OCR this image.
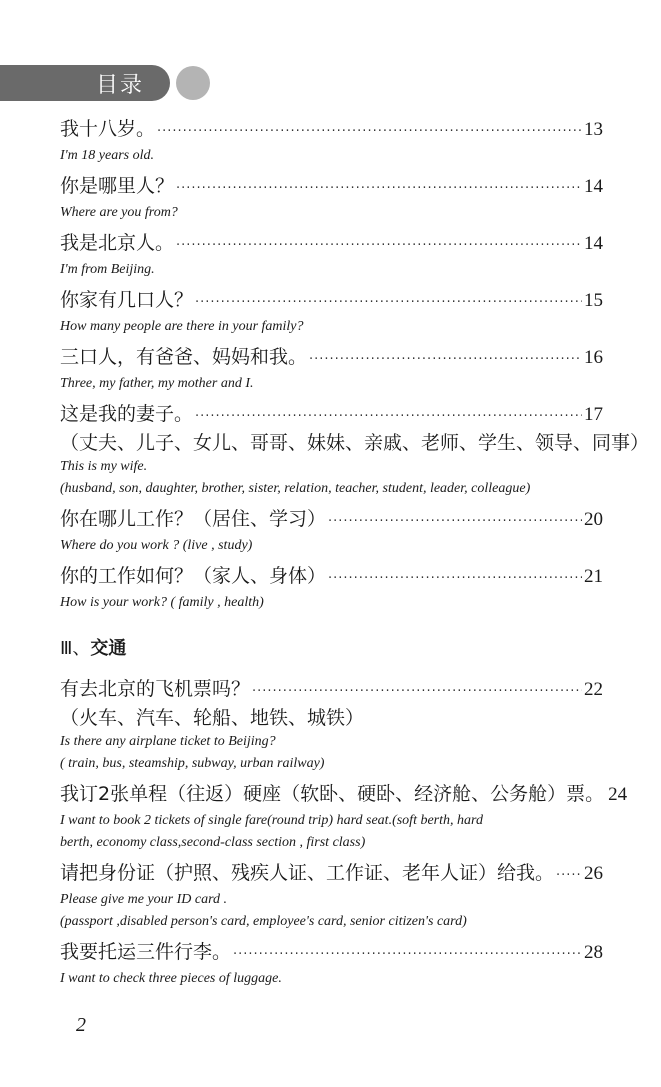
目录
我十八岁。 ·····	13
I'm 18 years old.
你是哪里人？ ·····	14
Where are you from?
我是北京人。 ·····	14
I'm from Beijing.
你家有几口人？ ·····	15
How many people are there in your family?
三口人，有爸爸、妈妈和我。 ·····	16
Three, my father, my mother and I.
这是我的妻子。 ·····	17
（丈夫、儿子、女儿、哥哥、妹妹、亲戚、老师、学生、领导、同事）
This is my wife.
(husband, son, daughter, brother, sister, relation, teacher, student, leader, colleague)
你在哪儿工作？（居住、学习） ·····	20
Where do you work ? (live , study)
你的工作如何？（家人、身体） ·····	21
How is your work? ( family , health)
Ⅲ、交通
有去北京的飞机票吗？ ·····	22
（火车、汽车、轮船、地铁、城铁）
Is there any airplane ticket to Beijing?
( train, bus, steamship, subway, urban railway)
我订2张单程（往返）硬座（软卧、硬卧、经济舱、公务舱）票。 24
I want to book 2 tickets of single fare(round trip) hard seat.(soft berth, hard
berth, economy class,second-class section , first class)
请把身份证（护照、残疾人证、工作证、老年人证）给我。 ····· 26
Please give me your ID card .
(passport ,disabled person's card, employee's card, senior citizen's card)
我要托运三件行李。 ·····	28
I want to check three pieces of luggage.
2
